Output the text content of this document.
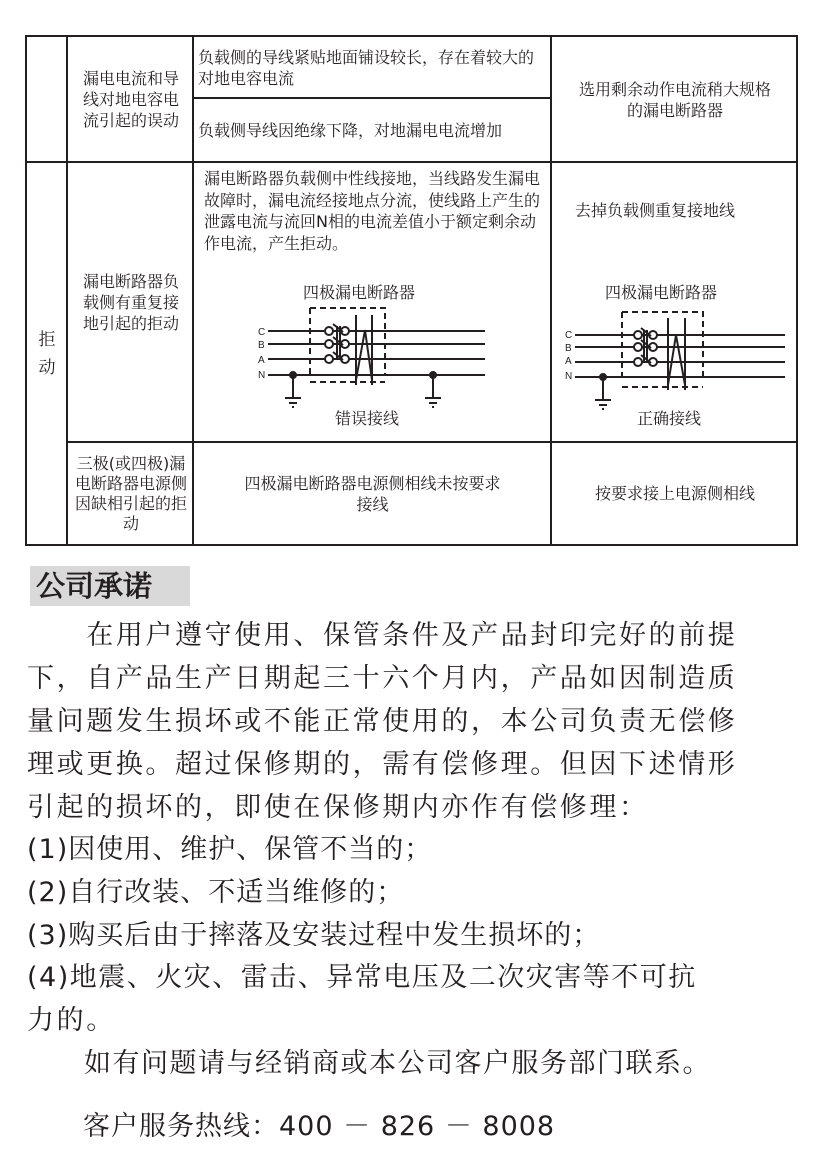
漏电电流和导线对地电容电流引起的误动
负载侧的导线紧贴地面铺设较长，存在着较大的对地电容电流
负载侧导线因绝缘下降，对地漏电电流增加
选用剩余动作电流稍大规格的漏电断路器
拒动
漏电断路器负载侧有重复接地引起的拒动
漏电断路器负载侧中性线接地，当线路发生漏电故障时，漏电流经接地点分流，使线路上产生的泄露电流与流回N相的电流差值小于额定剩余动作电流，产生拒动。
去掉负载侧重复接地线
四极漏电断路器
错误接线
四极漏电断路器
正确接线
C
B
A
N
C
B
A
N
三极(或四极)漏电断路器电源侧因缺相引起的拒动
四极漏电断路器电源侧相线未按要求接线
按要求接上电源侧相线
公司承诺
　　在用户遵守使用、保管条件及产品封印完好的前提
下，自产品生产日期起三十六个月内，产品如因制造质
量问题发生损坏或不能正常使用的，本公司负责无偿修
理或更换。超过保修期的，需有偿修理。但因下述情形
引起的损坏的，即使在保修期内亦作有偿修理：
(1)因使用、维护、保管不当的；
(2)自行改装、不适当维修的；
(3)购买后由于摔落及安装过程中发生损坏的；
(4)地震、火灾、雷击、异常电压及二次灾害等不可抗
力的。
　　如有问题请与经销商或本公司客户服务部门联系。
　　客户服务热线：400 － 826 － 8008
